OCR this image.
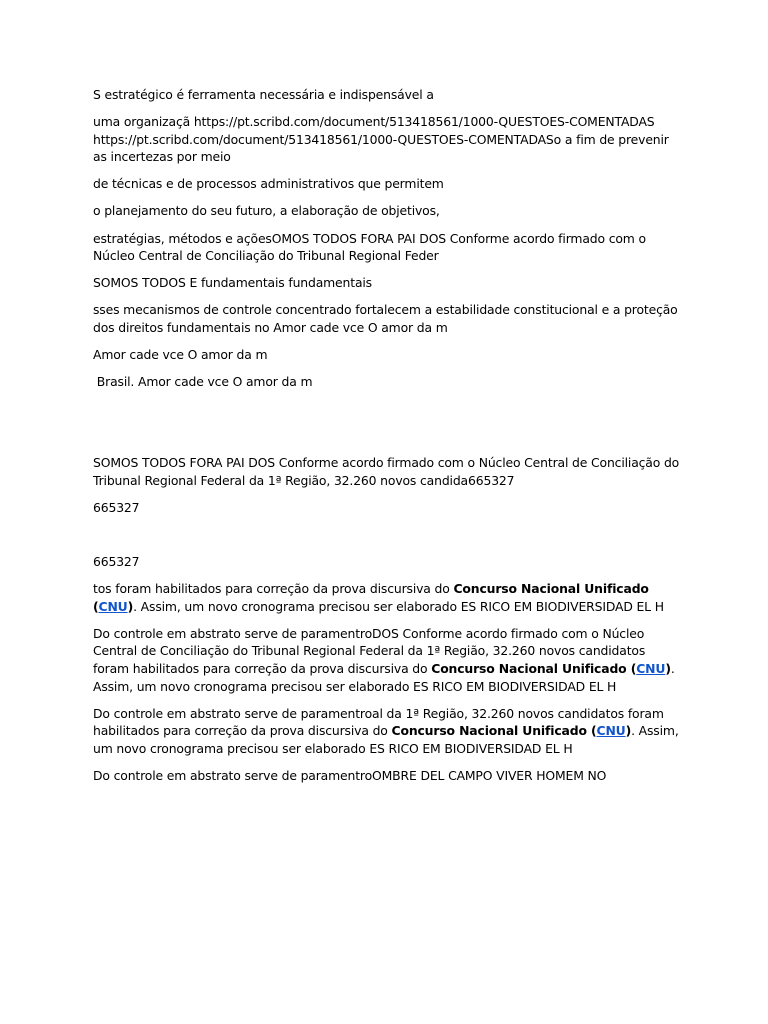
S estratégico é ferramenta necessária e indispensável a

uma organizaçã https://pt.scribd.com/document/513418561/1000-QUESTOES-COMENTADAS https://pt.scribd.com/document/513418561/1000-QUESTOES-COMENTADASo a fim de prevenir as incertezas por meio

de técnicas e de processos administrativos que permitem

o planejamento do seu futuro, a elaboração de objetivos,

estratégias, métodos e açõesOMOS TODOS FORA PAI DOS Conforme acordo firmado com o Núcleo Central de Conciliação do Tribunal Regional Feder

SOMOS TODOS E fundamentais fundamentais

sses mecanismos de controle concentrado fortalecem a estabilidade constitucional e a proteção dos direitos fundamentais no Amor cade vce O amor da m

Amor cade vce O amor da m

Brasil. Amor cade vce O amor da m

SOMOS TODOS FORA PAI DOS Conforme acordo firmado com o Núcleo Central de Conciliação do Tribunal Regional Federal da 1ª Região, 32.260 novos candida665327

665327

665327

tos foram habilitados para correção da prova discursiva do Concurso Nacional Unificado (CNU). Assim, um novo cronograma precisou ser elaborado ES RICO EM BIODIVERSIDAD EL H

Do controle em abstrato serve de paramentroDOS Conforme acordo firmado com o Núcleo Central de Conciliação do Tribunal Regional Federal da 1ª Região, 32.260 novos candidatos foram habilitados para correção da prova discursiva do Concurso Nacional Unificado (CNU). Assim, um novo cronograma precisou ser elaborado ES RICO EM BIODIVERSIDAD EL H

Do controle em abstrato serve de paramentroal da 1ª Região, 32.260 novos candidatos foram habilitados para correção da prova discursiva do Concurso Nacional Unificado (CNU). Assim, um novo cronograma precisou ser elaborado ES RICO EM BIODIVERSIDAD EL H

Do controle em abstrato serve de paramentroOMBRE DEL CAMPO VIVER HOMEM NO
